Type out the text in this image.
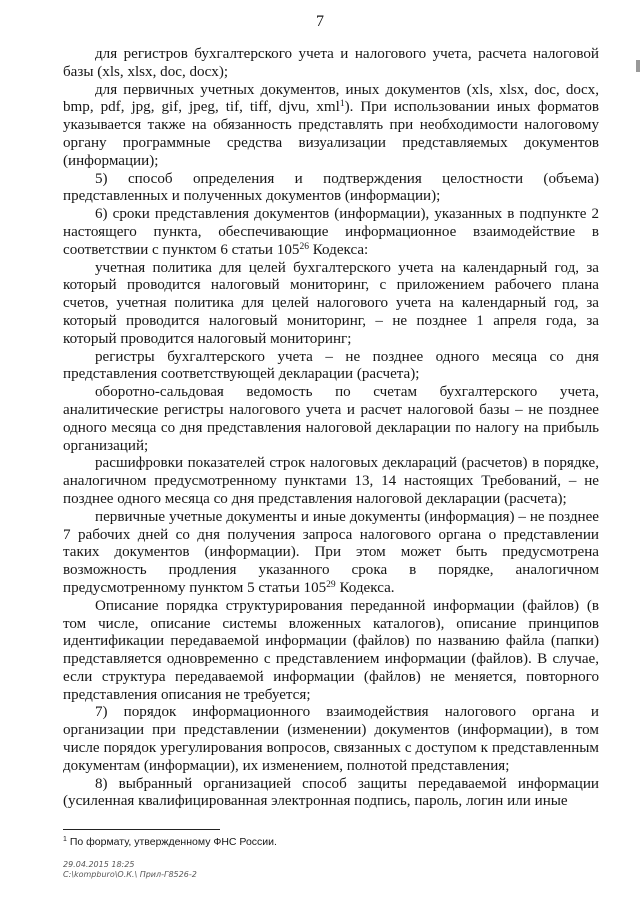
7

для регистров бухгалтерского учета и налогового учета, расчета налоговой базы (xls, xlsx, doc, docx);

для первичных учетных документов, иных документов (xls, xlsx, doc, docx, bmp, pdf, jpg, gif, jpeg, tif, tiff, djvu, xml$^1$). При использовании иных форматов указывается также на обязанность представлять при необходимости налоговому органу программные средства визуализации представляемых документов (информации);

5) способ определения и подтверждения целостности (объема) представленных и полученных документов (информации);

6) сроки представления документов (информации), указанных в подпункте 2 настоящего пункта, обеспечивающие информационное взаимодействие в соответствии с пунктом 6 статьи $105^{26}$ Кодекса:

учетная политика для целей бухгалтерского учета на календарный год, за который проводится налоговый мониторинг, с приложением рабочего плана счетов, учетная политика для целей налогового учета на календарный год, за который проводится налоговый мониторинг, – не позднее 1 апреля года, за который проводится налоговый мониторинг;

регистры бухгалтерского учета – не позднее одного месяца со дня представления соответствующей декларации (расчета);

оборотно-сальдовая ведомость по счетам бухгалтерского учета, аналитические регистры налогового учета и расчет налоговой базы – не позднее одного месяца со дня представления налоговой декларации по налогу на прибыль организаций;

расшифровки показателей строк налоговых деклараций (расчетов) в порядке, аналогичном предусмотренному пунктами 13, 14 настоящих Требований, – не позднее одного месяца со дня представления налоговой декларации (расчета);

первичные учетные документы и иные документы (информация) – не позднее 7 рабочих дней со дня получения запроса налогового органа о представлении таких документов (информации). При этом может быть предусмотрена возможность продления указанного срока в порядке, аналогичном предусмотренному пунктом 5 статьи $105^{29}$ Кодекса.

Описание порядка структурирования переданной информации (файлов) (в том числе, описание системы вложенных каталогов), описание принципов идентификации передаваемой информации (файлов) по названию файла (папки) представляется одновременно с представлением информации (файлов). В случае, если структура передаваемой информации (файлов) не меняется, повторного представления описания не требуется;

7) порядок информационного взаимодействия налогового органа и организации при представлении (изменении) документов (информации), в том числе порядок урегулирования вопросов, связанных с доступом к представленным документам (информации), их изменением, полнотой представления;

8) выбранный организацией способ защиты передаваемой информации (усиленная квалифицированная электронная подпись, пароль, логин или иные

$^1$ По формату, утвержденному ФНС России.
29.04.2015 18:25
C:\kompburo\О.К.\ Прил-Г8526-2
